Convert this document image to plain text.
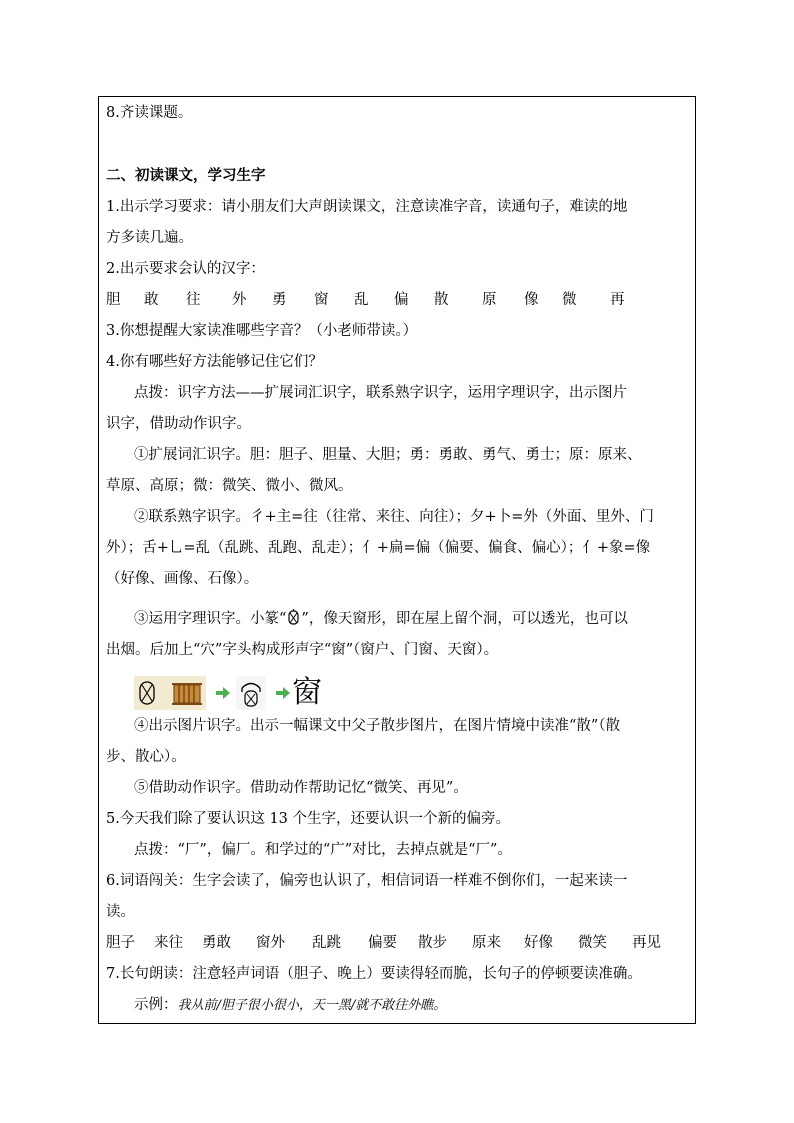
8.齐读课题。
二、初读课文，学习生字
1.出示学习要求：请小朋友们大声朗读课文，注意读准字音，读通句子，难读的地
方多读几遍。
2.出示要求会认的汉字：
胆 敢 往 外 勇 窗 乱 偏 散 原 像 微 再
3.你想提醒大家读准哪些字音？（小老师带读。）
4.你有哪些好方法能够记住它们？
点拨：识字方法——扩展词汇识字，联系熟字识字，运用字理识字，出示图片
识字，借助动作识字。
①扩展词汇识字。胆：胆子、胆量、大胆；勇：勇敢、勇气、勇士；原：原来、
草原、高原；微：微笑、微小、微风。
②联系熟字识字。彳+主=往（往常、来往、向往）；夕+卜=外（外面、里外、门
外）；舌+乚=乱（乱跳、乱跑、乱走）；亻+扁=偏（偏要、偏食、偏心）；亻+象=像
（好像、画像、石像）。
③运用字理识字。小篆“ ”，像天窗形，即在屋上留个洞，可以透光，也可以
出烟。后加上“穴”字头构成形声字“窗”（窗户、门窗、天窗）。
窗
④出示图片识字。出示一幅课文中父子散步图片，在图片情境中读准“散”（散
步、散心）。
⑤借助动作识字。借助动作帮助记忆“微笑、再见”。
5.今天我们除了要认识这 13 个生字，还要认识一个新的偏旁。
点拨：“厂”，偏厂。和学过的“广”对比，去掉点就是“厂”。
6.词语闯关：生字会读了，偏旁也认识了，相信词语一样难不倒你们，一起来读一
读。
胆子 来往 勇敢 窗外 乱跳 偏要 散步 原来 好像 微笑 再见
7.长句朗读：注意轻声词语（胆子、晚上）要读得轻而脆，长句子的停顿要读准确。
示例：我从前/胆子很小很小，天一黑/就不敢往外瞧。
